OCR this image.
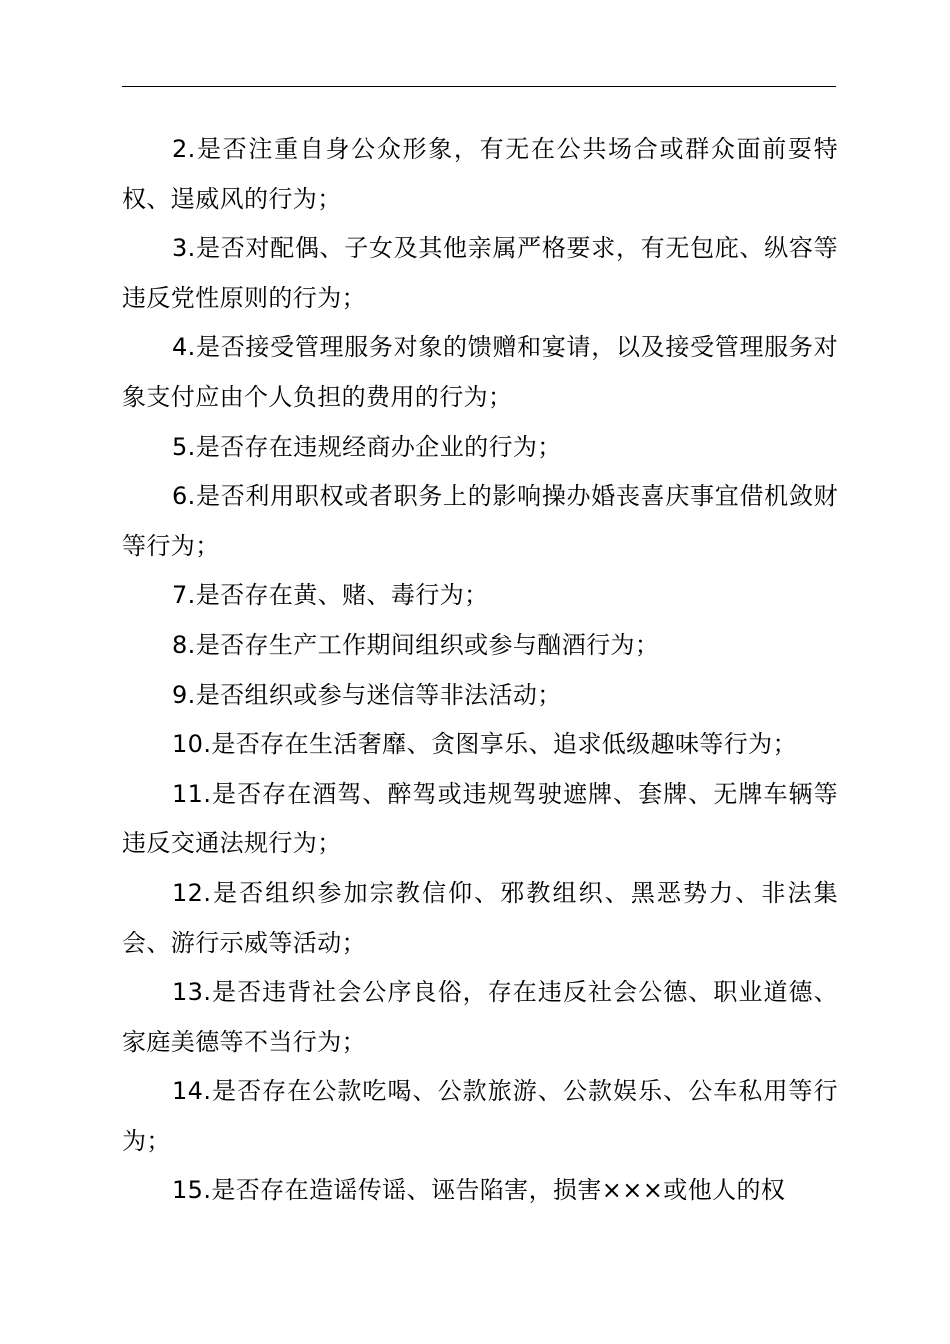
2.是否注重自身公众形象，有无在公共场合或群众面前耍特权、逞威风的行为；

3.是否对配偶、子女及其他亲属严格要求，有无包庇、纵容等违反党性原则的行为；

4.是否接受管理服务对象的馈赠和宴请，以及接受管理服务对象支付应由个人负担的费用的行为；

5.是否存在违规经商办企业的行为；

6.是否利用职权或者职务上的影响操办婚丧喜庆事宜借机敛财等行为；

7.是否存在黄、赌、毒行为；

8.是否存生产工作期间组织或参与酗酒行为；

9.是否组织或参与迷信等非法活动；

10.是否存在生活奢靡、贪图享乐、追求低级趣味等行为；

11.是否存在酒驾、醉驾或违规驾驶遮牌、套牌、无牌车辆等违反交通法规行为；

12.是否组织参加宗教信仰、邪教组织、黑恶势力、非法集会、游行示威等活动；

13.是否违背社会公序良俗，存在违反社会公德、职业道德、家庭美德等不当行为；

14.是否存在公款吃喝、公款旅游、公款娱乐、公车私用等行为；

15.是否存在造谣传谣、诬告陷害，损害×××或他人的权
